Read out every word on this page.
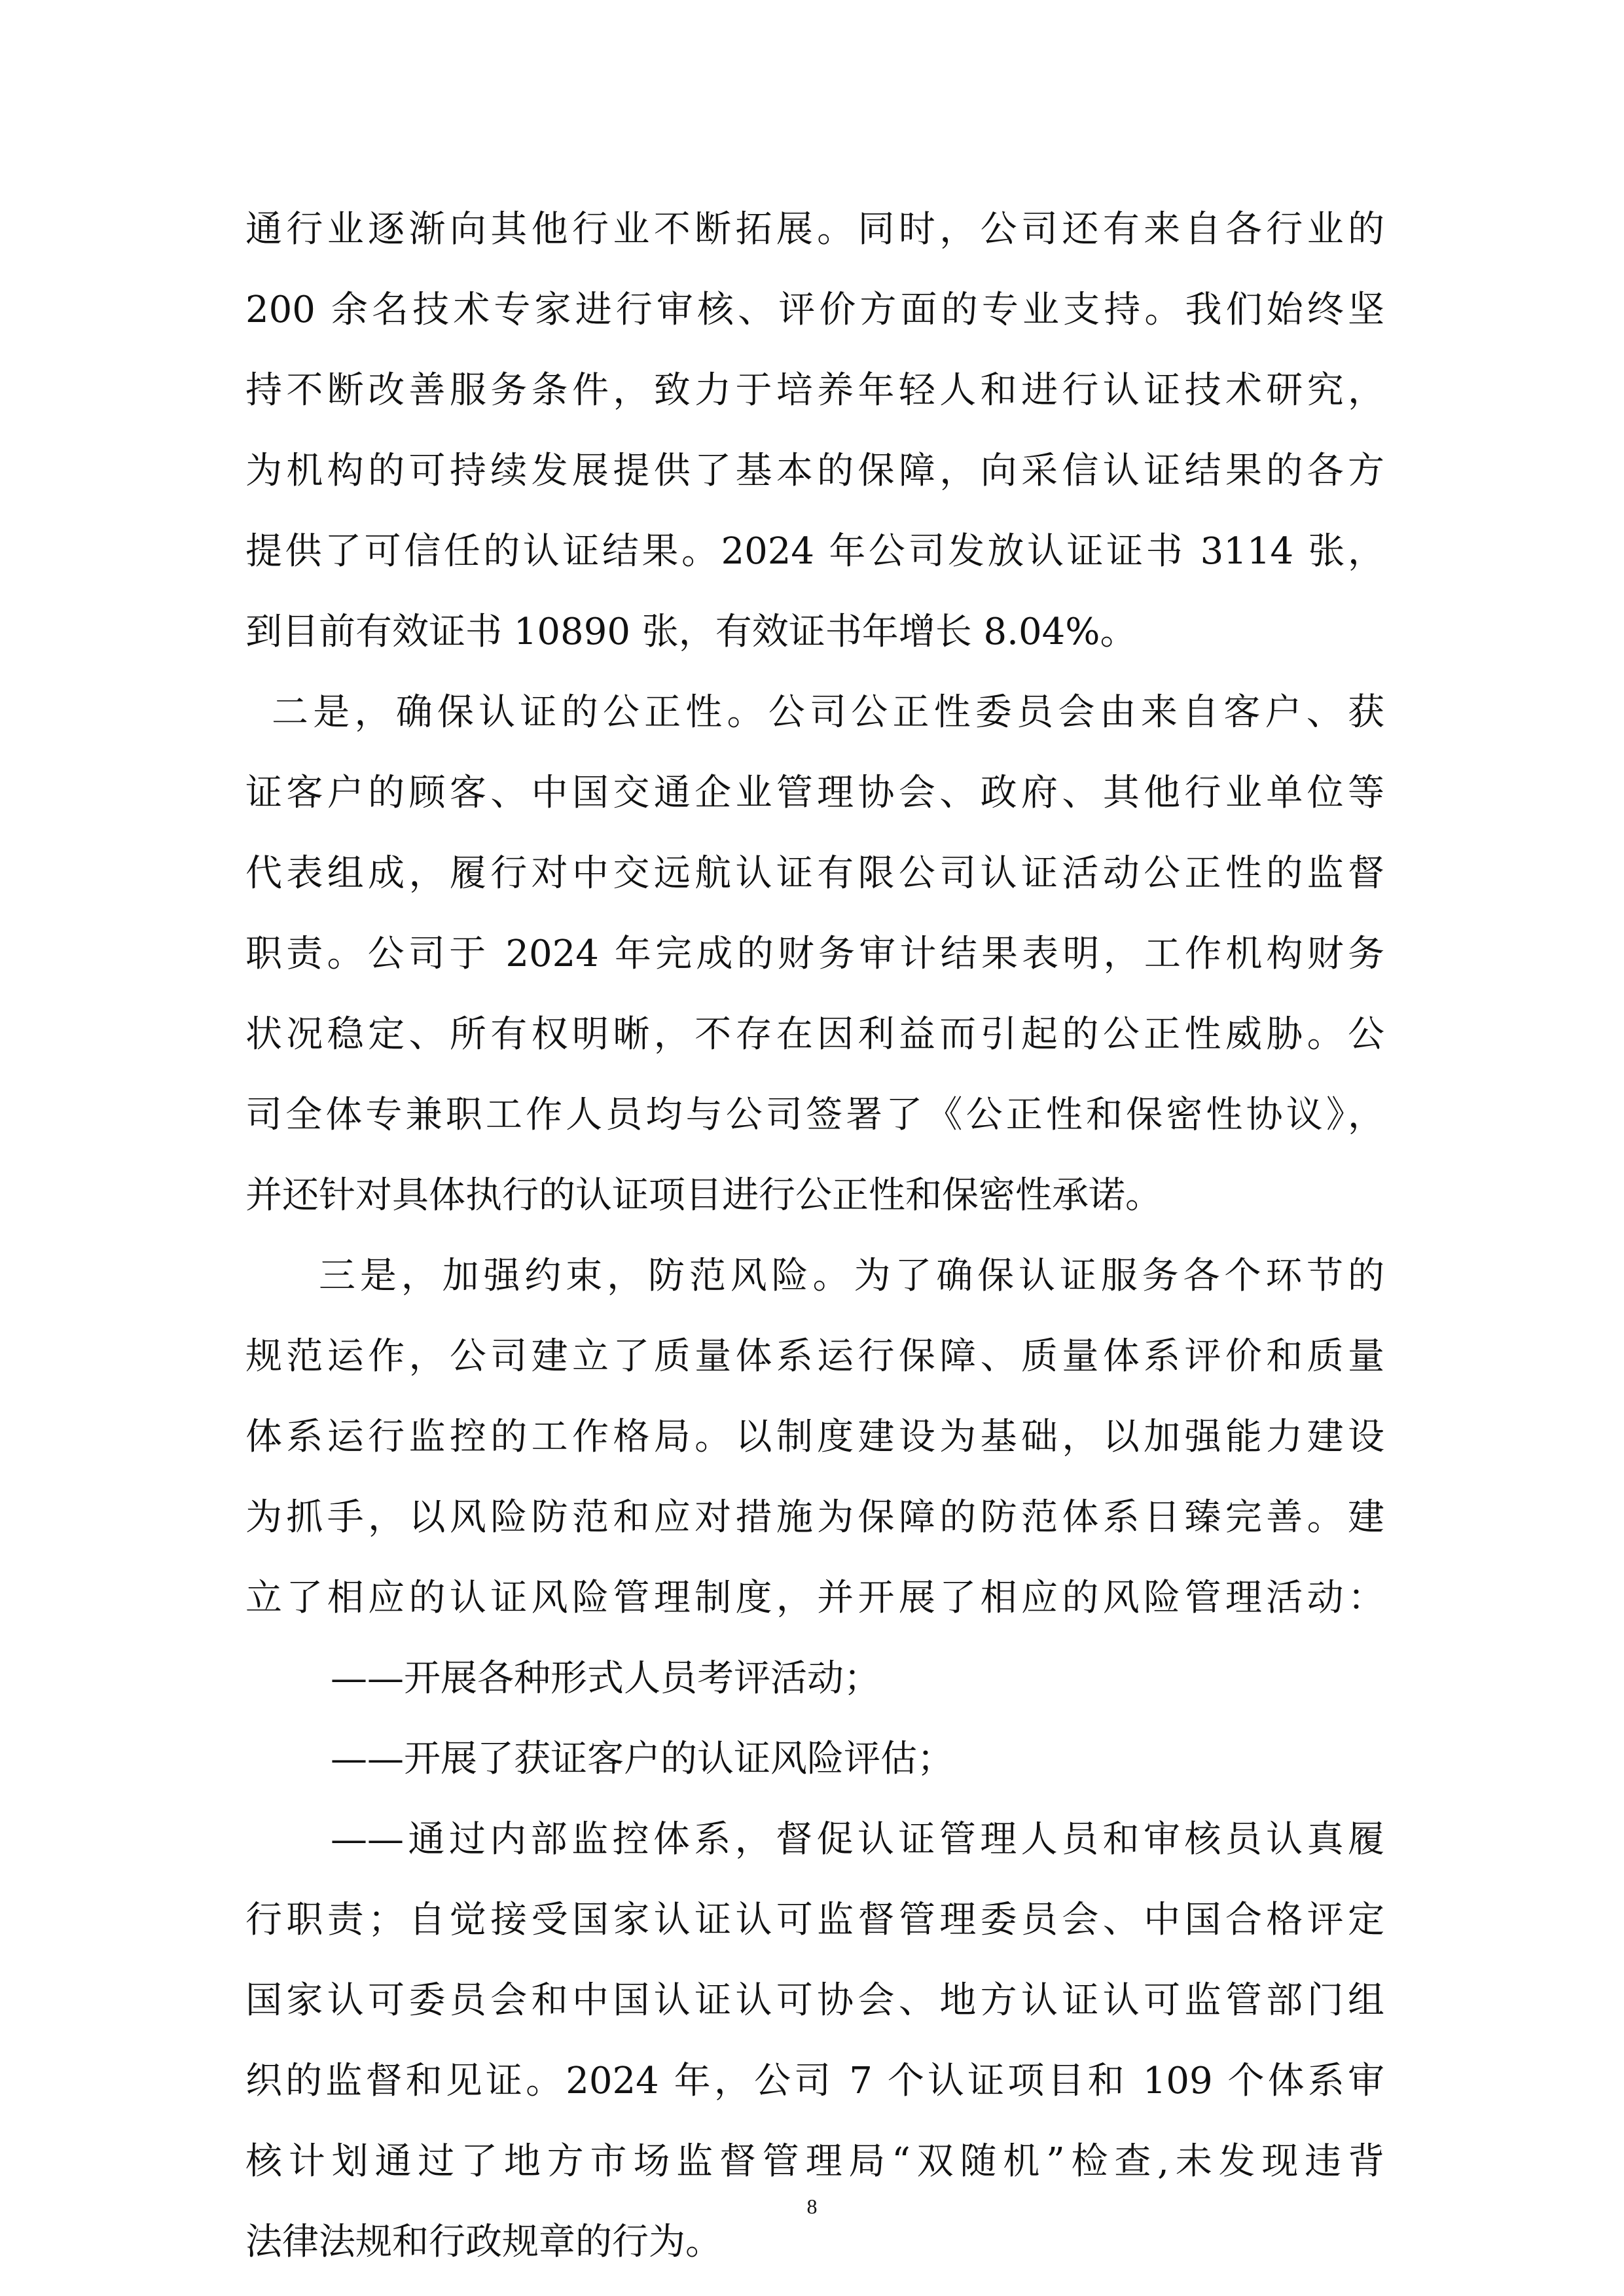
通行业逐渐向其他行业不断拓展。同时，公司还有来自各行业的
200 余名技术专家进行审核、评价方面的专业支持。我们始终坚
持不断改善服务条件，致力于培养年轻人和进行认证技术研究，
为机构的可持续发展提供了基本的保障，向采信认证结果的各方
提供了可信任的认证结果。2024 年公司发放认证证书 3114 张，
到目前有效证书 10890 张，有效证书年增长 8.04%。
二是，确保认证的公正性。公司公正性委员会由来自客户、获
证客户的顾客、中国交通企业管理协会、政府、其他行业单位等
代表组成，履行对中交远航认证有限公司认证活动公正性的监督
职责。公司于 2024 年完成的财务审计结果表明，工作机构财务
状况稳定、所有权明晰，不存在因利益而引起的公正性威胁。公
司全体专兼职工作人员均与公司签署了《公正性和保密性协议》，
并还针对具体执行的认证项目进行公正性和保密性承诺。
三是，加强约束，防范风险。为了确保认证服务各个环节的
规范运作，公司建立了质量体系运行保障、质量体系评价和质量
体系运行监控的工作格局。以制度建设为基础，以加强能力建设
为抓手，以风险防范和应对措施为保障的防范体系日臻完善。建
立了相应的认证风险管理制度，并开展了相应的风险管理活动：
——开展各种形式人员考评活动；
——开展了获证客户的认证风险评估；
——通过内部监控体系，督促认证管理人员和审核员认真履
行职责；自觉接受国家认证认可监督管理委员会、中国合格评定
国家认可委员会和中国认证认可协会、地方认证认可监管部门组
织的监督和见证。2024 年，公司 7 个认证项目和 109 个体系审
核计划通过了地方市场监督管理局“双随机”检查,未发现违背
法律法规和行政规章的行为。
8
